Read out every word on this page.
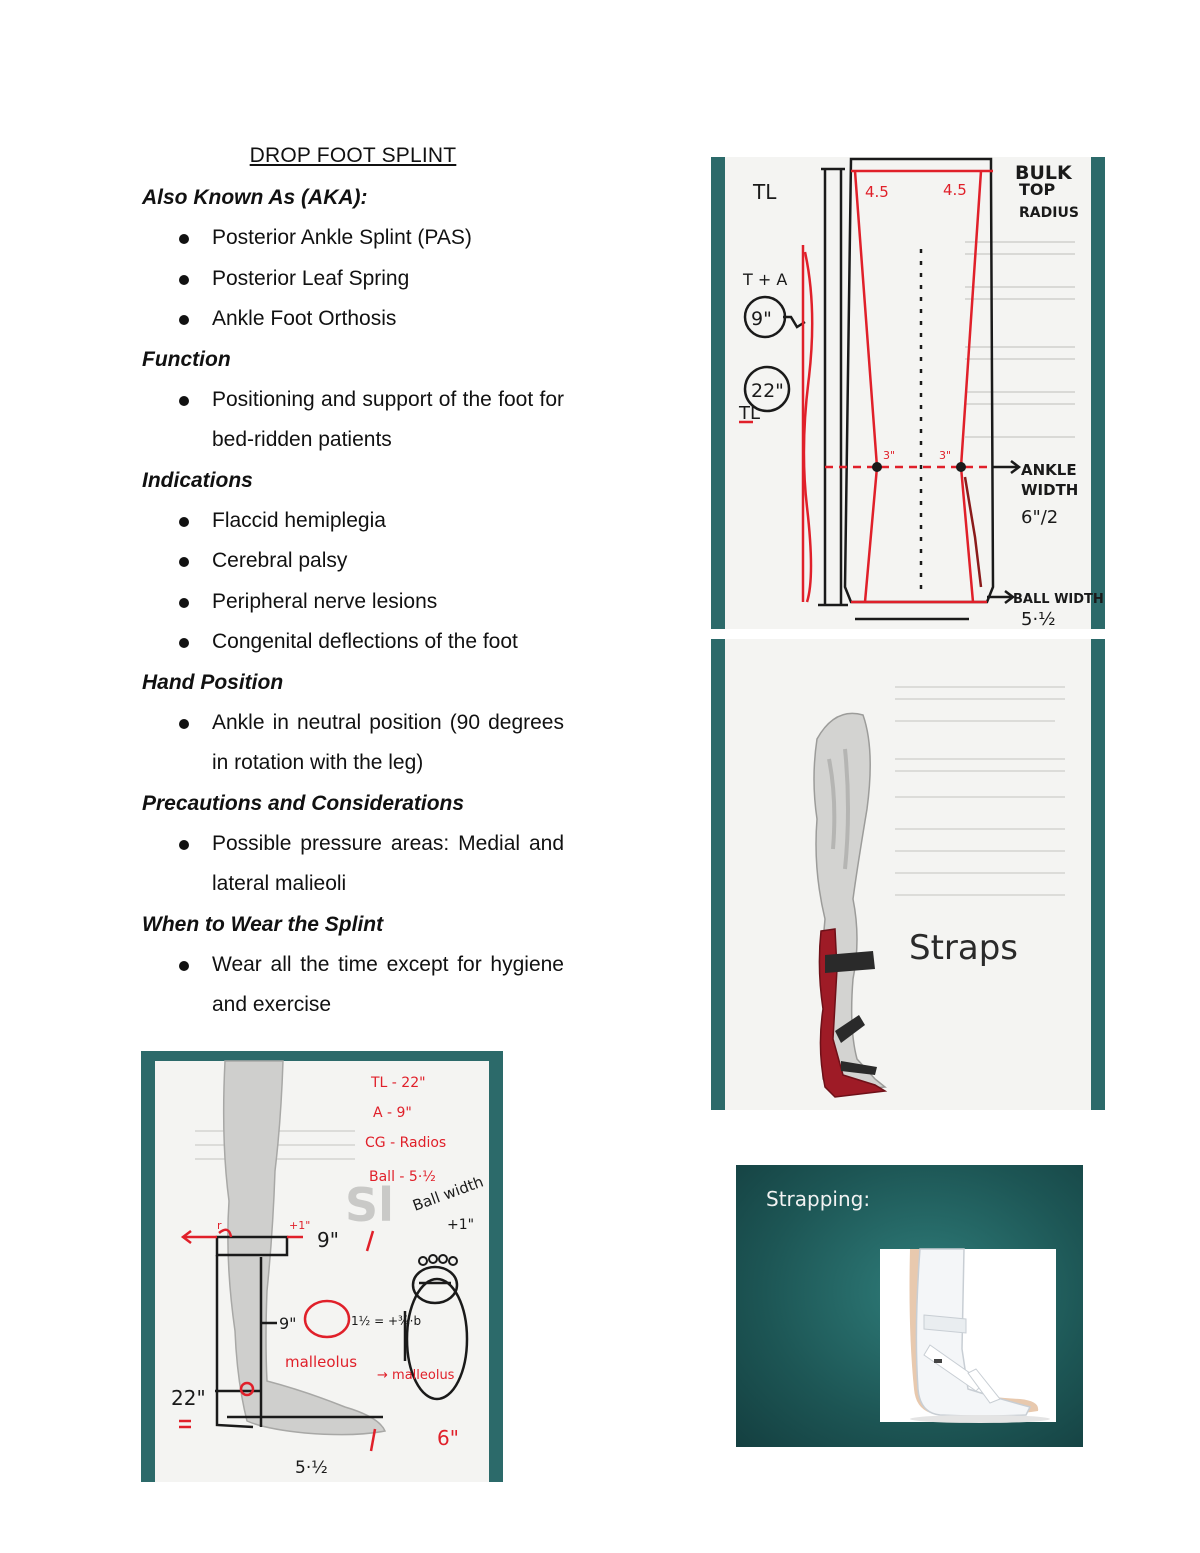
DROP FOOT SPLINT
Also Known As (AKA):
Posterior Ankle Splint (PAS)
Posterior Leaf Spring
Ankle Foot Orthosis
Function
Positioning and support of the foot for bed-ridden patients
Indications
Flaccid hemiplegia
Cerebral palsy
Peripheral nerve lesions
Congenital deflections of the foot
Hand Position
Ankle in neutral position (90 degrees in rotation with the leg)
Precautions and Considerations
Possible pressure areas: Medial and lateral malieoli
When to Wear the Splint
Wear all the time except for hygiene and exercise
TL
T + A
9"
22"
TL
BULK
TOP
RADIUS
ANKLE
WIDTH
6"/2
BALL WIDTH
5·½
4.5	4.5
3"	3"
Straps
Sl
9"
9"
22"
Ball width
+1"
1½ = +¾·b
5·½
TL - 22"
A - 9"
CG - Radios
Ball - 5·½
r	+1"
malleolus
→ malleolus
6"
Strapping:
